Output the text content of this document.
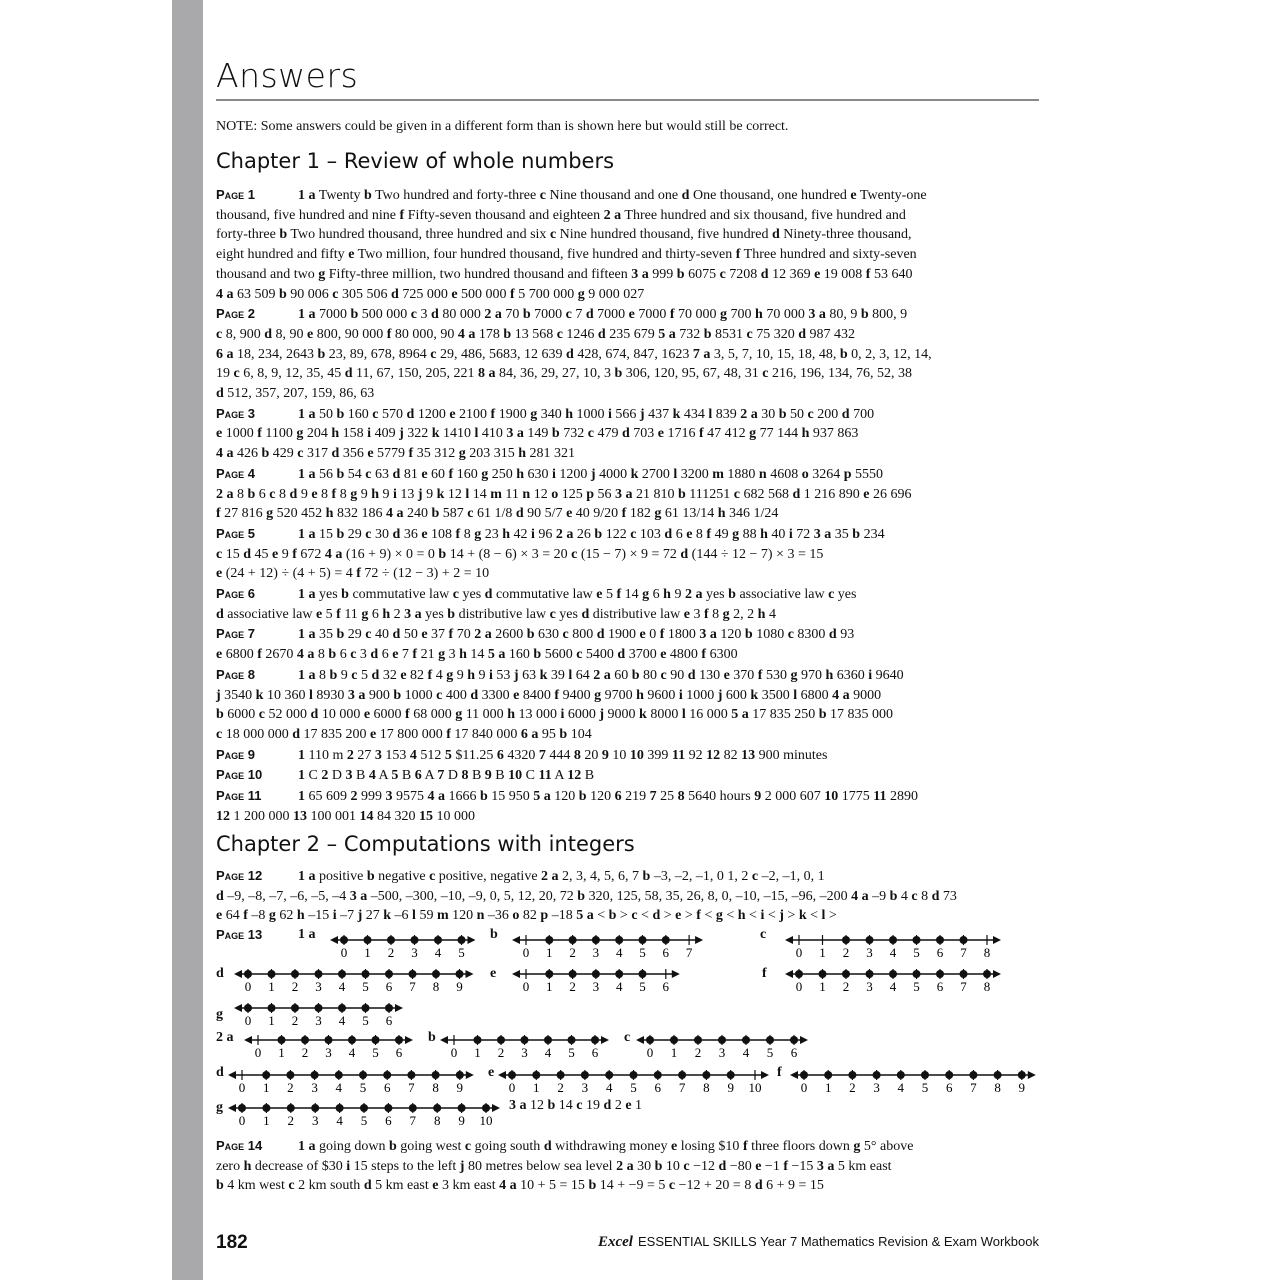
Answers
NOTE: Some answers could be given in a different form than is shown here but would still be correct.
Chapter 1 – Review of whole numbers
Page 1	1 a Twenty b Two hundred and forty-three c Nine thousand and one d One thousand, one hundred e Twenty-one
thousand, five hundred and nine f Fifty-seven thousand and eighteen 2 a Three hundred and six thousand, five hundred and
forty-three b Two hundred thousand, three hundred and six c Nine hundred thousand, five hundred d Ninety-three thousand,
eight hundred and fifty e Two million, four hundred thousand, five hundred and thirty-seven f Three hundred and sixty-seven
thousand and two g Fifty-three million, two hundred thousand and fifteen 3 a 999 b 6075 c 7208 d 12 369 e 19 008 f 53 640
4 a 63 509 b 90 006 c 305 506 d 725 000 e 500 000 f 5 700 000 g 9 000 027
Page 2	1 a 7000 b 500 000 c 3 d 80 000 2 a 70 b 7000 c 7 d 7000 e 7000 f 70 000 g 700 h 70 000 3 a 80, 9 b 800, 9
c 8, 900 d 8, 90 e 800, 90 000 f 80 000, 90 4 a 178 b 13 568 c 1246 d 235 679 5 a 732 b 8531 c 75 320 d 987 432
6 a 18, 234, 2643 b 23, 89, 678, 8964 c 29, 486, 5683, 12 639 d 428, 674, 847, 1623 7 a 3, 5, 7, 10, 15, 18, 48, b 0, 2, 3, 12, 14,
19 c 6, 8, 9, 12, 35, 45 d 11, 67, 150, 205, 221 8 a 84, 36, 29, 27, 10, 3 b 306, 120, 95, 67, 48, 31 c 216, 196, 134, 76, 52, 38
d 512, 357, 207, 159, 86, 63
Page 3	1 a 50 b 160 c 570 d 1200 e 2100 f 1900 g 340 h 1000 i 566 j 437 k 434 l 839 2 a 30 b 50 c 200 d 700
e 1000 f 1100 g 204 h 158 i 409 j 322 k 1410 l 410 3 a 149 b 732 c 479 d 703 e 1716 f 47 412 g 77 144 h 937 863
4 a 426 b 429 c 317 d 356 e 5779 f 35 312 g 203 315 h 281 321
Page 4	1 a 56 b 54 c 63 d 81 e 60 f 160 g 250 h 630 i 1200 j 4000 k 2700 l 3200 m 1880 n 4608 o 3264 p 5550
2 a 8 b 6 c 8 d 9 e 8 f 8 g 9 h 9 i 13 j 9 k 12 l 14 m 11 n 12 o 125 p 56 3 a 21 810 b 111251 c 682 568 d 1 216 890 e 26 696
f 27 816 g 520 452 h 832 186 4 a 240 b 587 c 61 1/8 d 90 5/7 e 40 9/20 f 182 g 61 13/14 h 346 1/24
Page 5	1 a 15 b 29 c 30 d 36 e 108 f 8 g 23 h 42 i 96 2 a 26 b 122 c 103 d 6 e 8 f 49 g 88 h 40 i 72 3 a 35 b 234
c 15 d 45 e 9 f 672 4 a (16 + 9) × 0 = 0 b 14 + (8 − 6) × 3 = 20 c (15 − 7) × 9 = 72 d (144 ÷ 12 − 7) × 3 = 15
e (24 + 12) ÷ (4 + 5) = 4 f 72 ÷ (12 − 3) + 2 = 10
Page 6	1 a yes b commutative law c yes d commutative law e 5 f 14 g 6 h 9 2 a yes b associative law c yes
d associative law e 5 f 11 g 6 h 2 3 a yes b distributive law c yes d distributive law e 3 f 8 g 2, 2 h 4
Page 7	1 a 35 b 29 c 40 d 50 e 37 f 70 2 a 2600 b 630 c 800 d 1900 e 0 f 1800 3 a 120 b 1080 c 8300 d 93
e 6800 f 2670 4 a 8 b 6 c 3 d 6 e 7 f 21 g 3 h 14 5 a 160 b 5600 c 5400 d 3700 e 4800 f 6300
Page 8	1 a 8 b 9 c 5 d 32 e 82 f 4 g 9 h 9 i 53 j 63 k 39 l 64 2 a 60 b 80 c 90 d 130 e 370 f 530 g 970 h 6360 i 9640
j 3540 k 10 360 l 8930 3 a 900 b 1000 c 400 d 3300 e 8400 f 9400 g 9700 h 9600 i 1000 j 600 k 3500 l 6800 4 a 9000
b 6000 c 52 000 d 10 000 e 6000 f 68 000 g 11 000 h 13 000 i 6000 j 9000 k 8000 l 16 000 5 a 17 835 250 b 17 835 000
c 18 000 000 d 17 835 200 e 17 800 000 f 17 840 000 6 a 95 b 104
Page 9	1 110 m 2 27 3 153 4 512 5 $11.25 6 4320 7 444 8 20 9 10 10 399 11 92 12 82 13 900 minutes
Page 10	1 C 2 D 3 B 4 A 5 B 6 A 7 D 8 B 9 B 10 C 11 A 12 B
Page 11	1 65 609 2 999 3 9575 4 a 1666 b 15 950 5 a 120 b 120 6 219 7 25 8 5640 hours 9 2 000 607 10 1775 11 2890
12 1 200 000 13 100 001 14 84 320 15 10 000
Chapter 2 – Computations with integers
Page 12	1 a positive b negative c positive, negative 2 a 2, 3, 4, 5, 6, 7 b –3, –2, –1, 0 1, 2 c –2, –1, 0, 1
d –9, –8, –7, –6, –5, –4 3 a –500, –300, –10, –9, 0, 5, 12, 20, 72 b 320, 125, 58, 35, 26, 8, 0, –10, –15, –96, –200 4 a –9 b 4 c 8 d 73
e 64 f –8 g 62 h –15 i –7 j 27 k –6 l 59 m 120 n –36 o 82 p –18 5 a < b > c < d > e > f < g < h < i < j > k < l >
Page 13	1 a	b	c
d	e	f
g
2 a	b	c
d	e	f
g	3 a 12 b 14 c 19 d 2 e 1
0 1 2 3 4 5	0 1 2 3 4 5 6 7	0 1 2 3 4 5 6 7 8
0 1 2 3 4 5 6 7 8 9	0 1 2 3 4 5 6	0 1 2 3 4 5 6 7 8
0 1 2 3 4 5 6
0 1 2 3 4 5 6	0 1 2 3 4 5 6	0 1 2 3 4 5 6
0 1 2 3 4 5 6 7 8 9	0 1 2 3 4 5 6 7 8 9 10	0 1 2 3 4 5 6 7 8 9
0 1 2 3 4 5 6 7 8 9 10
Page 14	1 a going down b going west c going south d withdrawing money e losing $10 f three floors down g 5° above
zero h decrease of $30 i 15 steps to the left j 80 metres below sea level 2 a 30 b 10 c −12 d −80 e −1 f −15 3 a 5 km east
b 4 km west c 2 km south d 5 km east e 3 km east 4 a 10 + 5 = 15 b 14 + −9 = 5 c −12 + 20 = 8 d 6 + 9 = 15
182	Excel ESSENTIAL SKILLS Year 7 Mathematics Revision & Exam Workbook
